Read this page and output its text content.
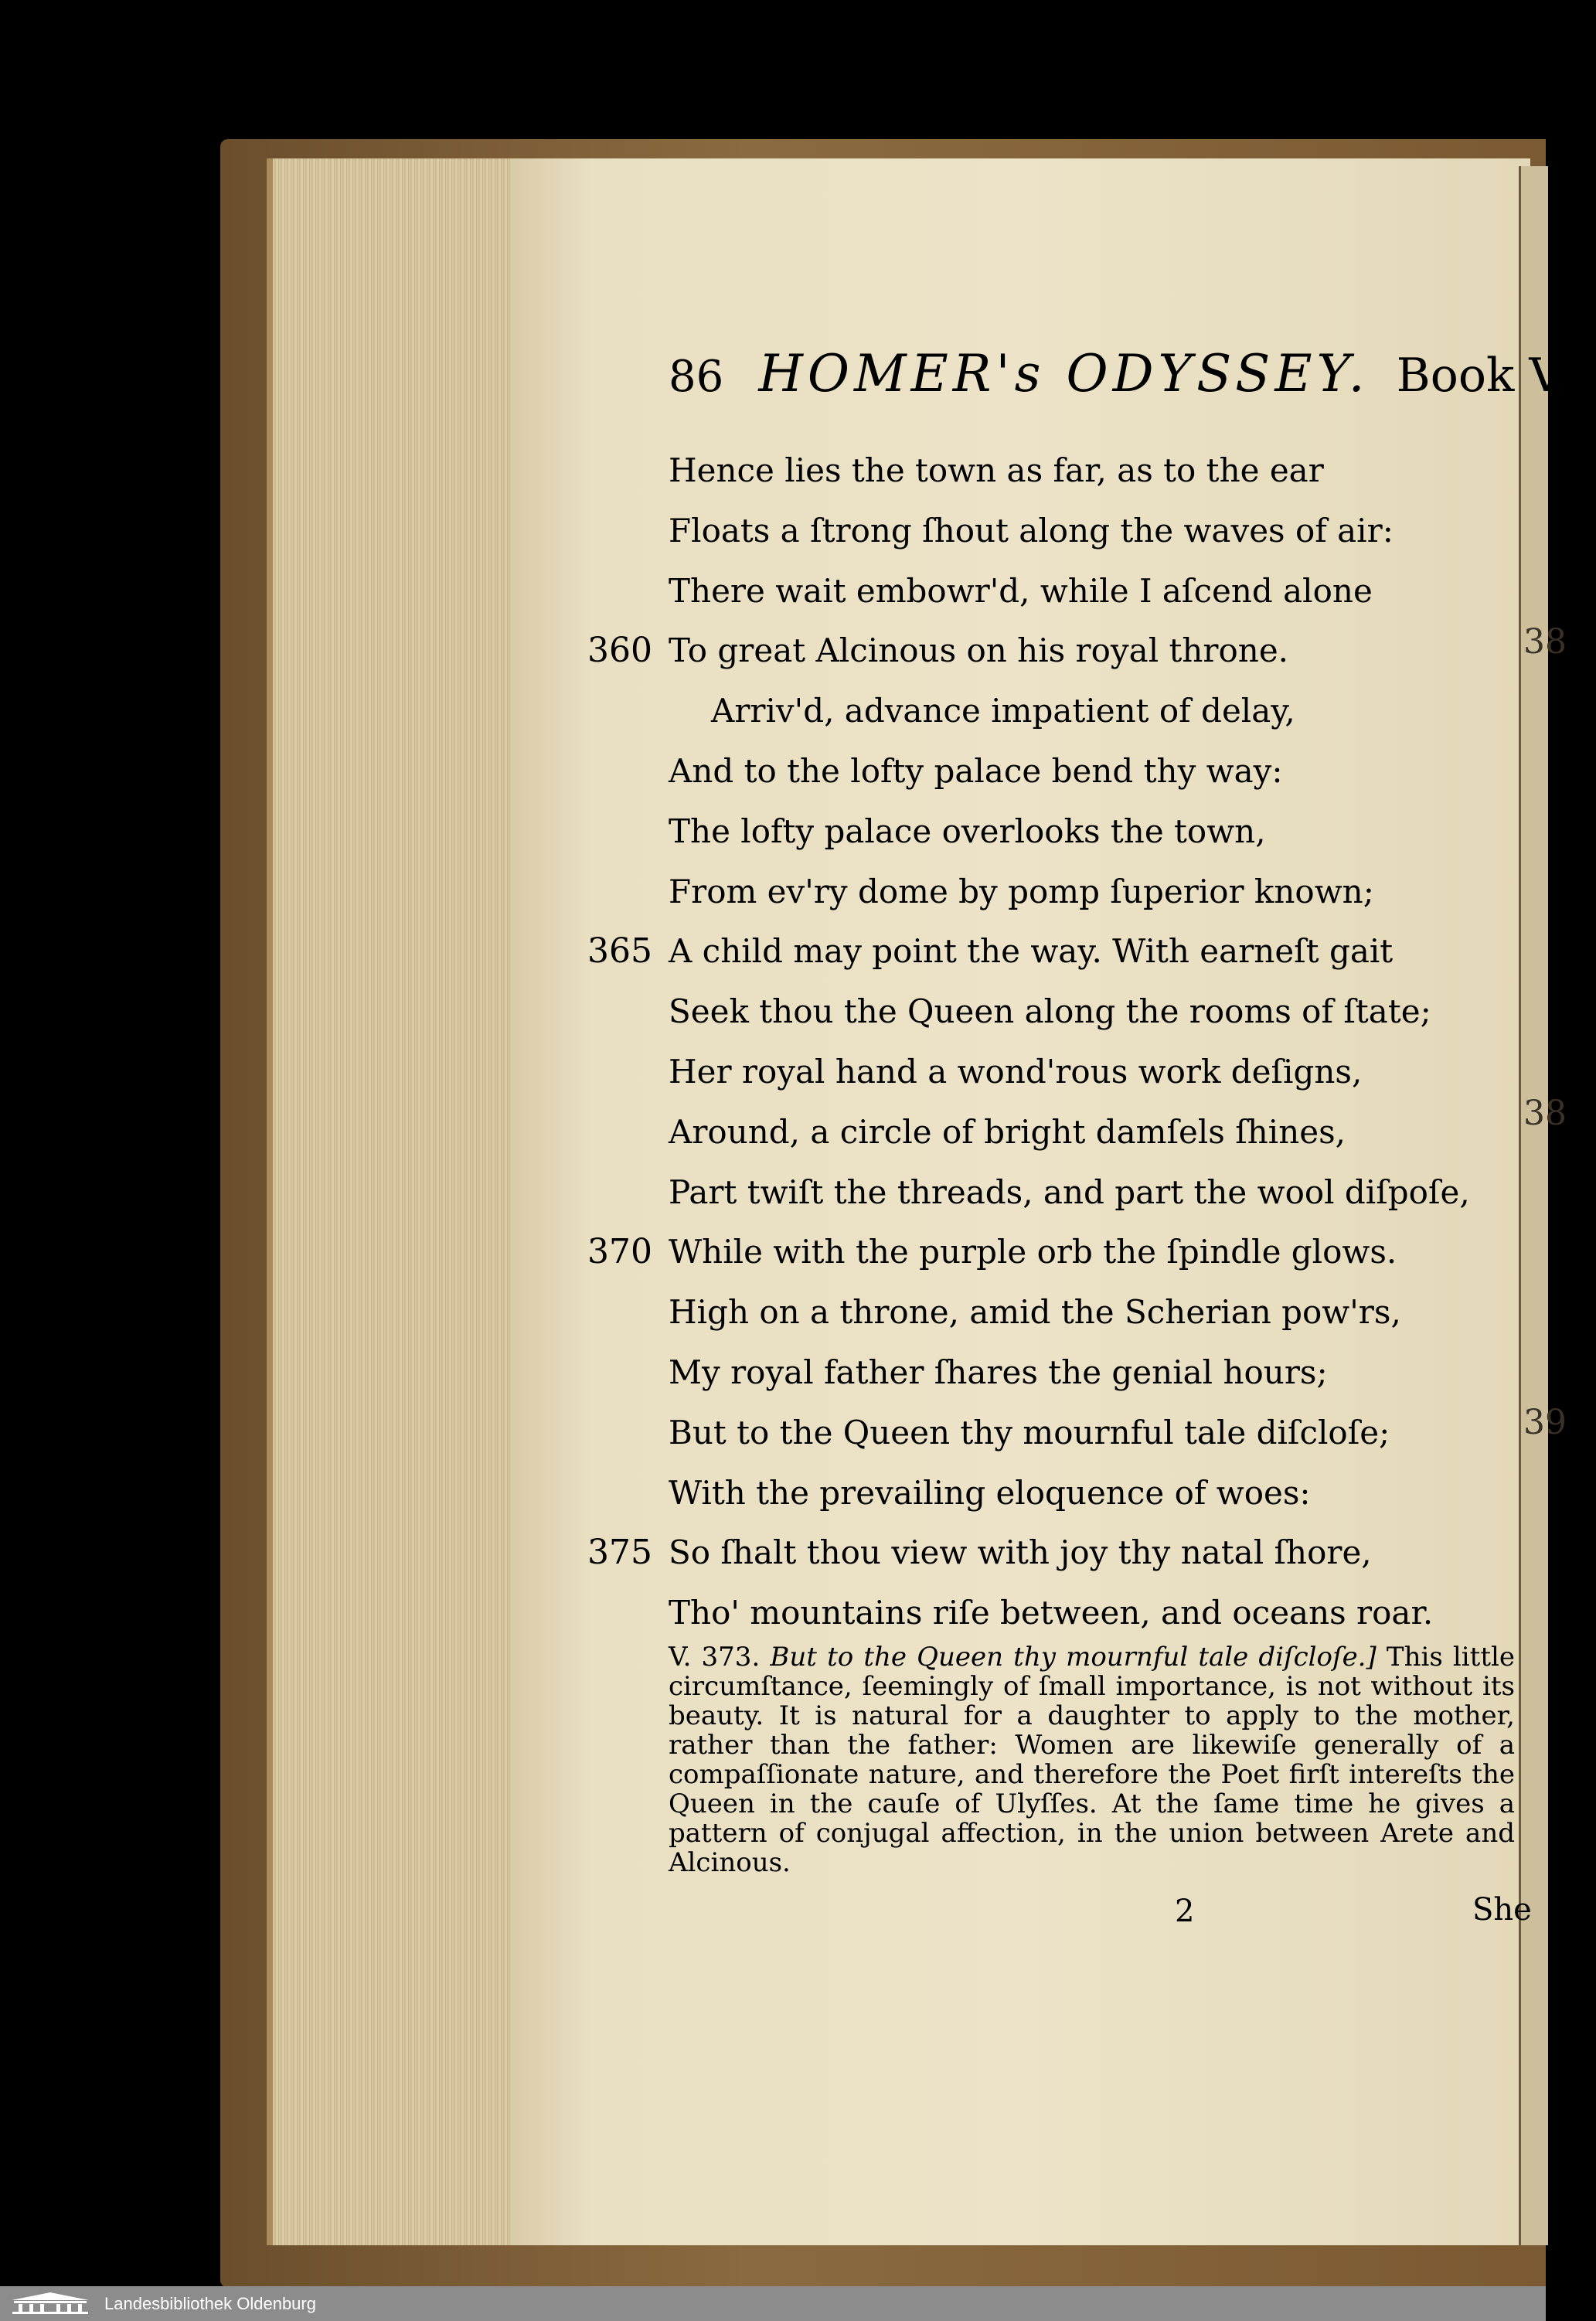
38
38
39
86 HOMER's ODYSSEY. Book VI.
Hence lies the town as far, as to the ear
Floats a ſtrong ſhout along the waves of air:
There wait embowr'd, while I aſcend alone
360 To great Alcinous on his royal throne.
Arriv'd, advance impatient of delay,
And to the lofty palace bend thy way:
The lofty palace overlooks the town,
From ev'ry dome by pomp ſuperior known;
365 A child may point the way. With earneſt gait
Seek thou the Queen along the rooms of ſtate;
Her royal hand a wond'rous work deſigns,
Around, a circle of bright damſels ſhines,
Part twiſt the threads, and part the wool diſpoſe,
370 While with the purple orb the ſpindle glows.
High on a throne, amid the Scherian pow'rs,
My royal father ſhares the genial hours;
But to the Queen thy mournful tale diſcloſe;
With the prevailing eloquence of woes:
375 So ſhalt thou view with joy thy natal ſhore,
Tho' mountains riſe between, and oceans roar.
V. 373. But to the Queen thy mournful tale diſcloſe.] This little circumſtance, ſeemingly of ſmall importance, is not without its beauty. It is natural for a daughter to apply to the mother, rather than the father: Women are likewiſe generally of a compaſſionate nature, and therefore the Poet firſt intereſts the Queen in the cauſe of Ulyſſes. At the ſame time he gives a pattern of conjugal affection, in the union between Arete and Alcinous.
2	She
Landesbibliothek Oldenburg
